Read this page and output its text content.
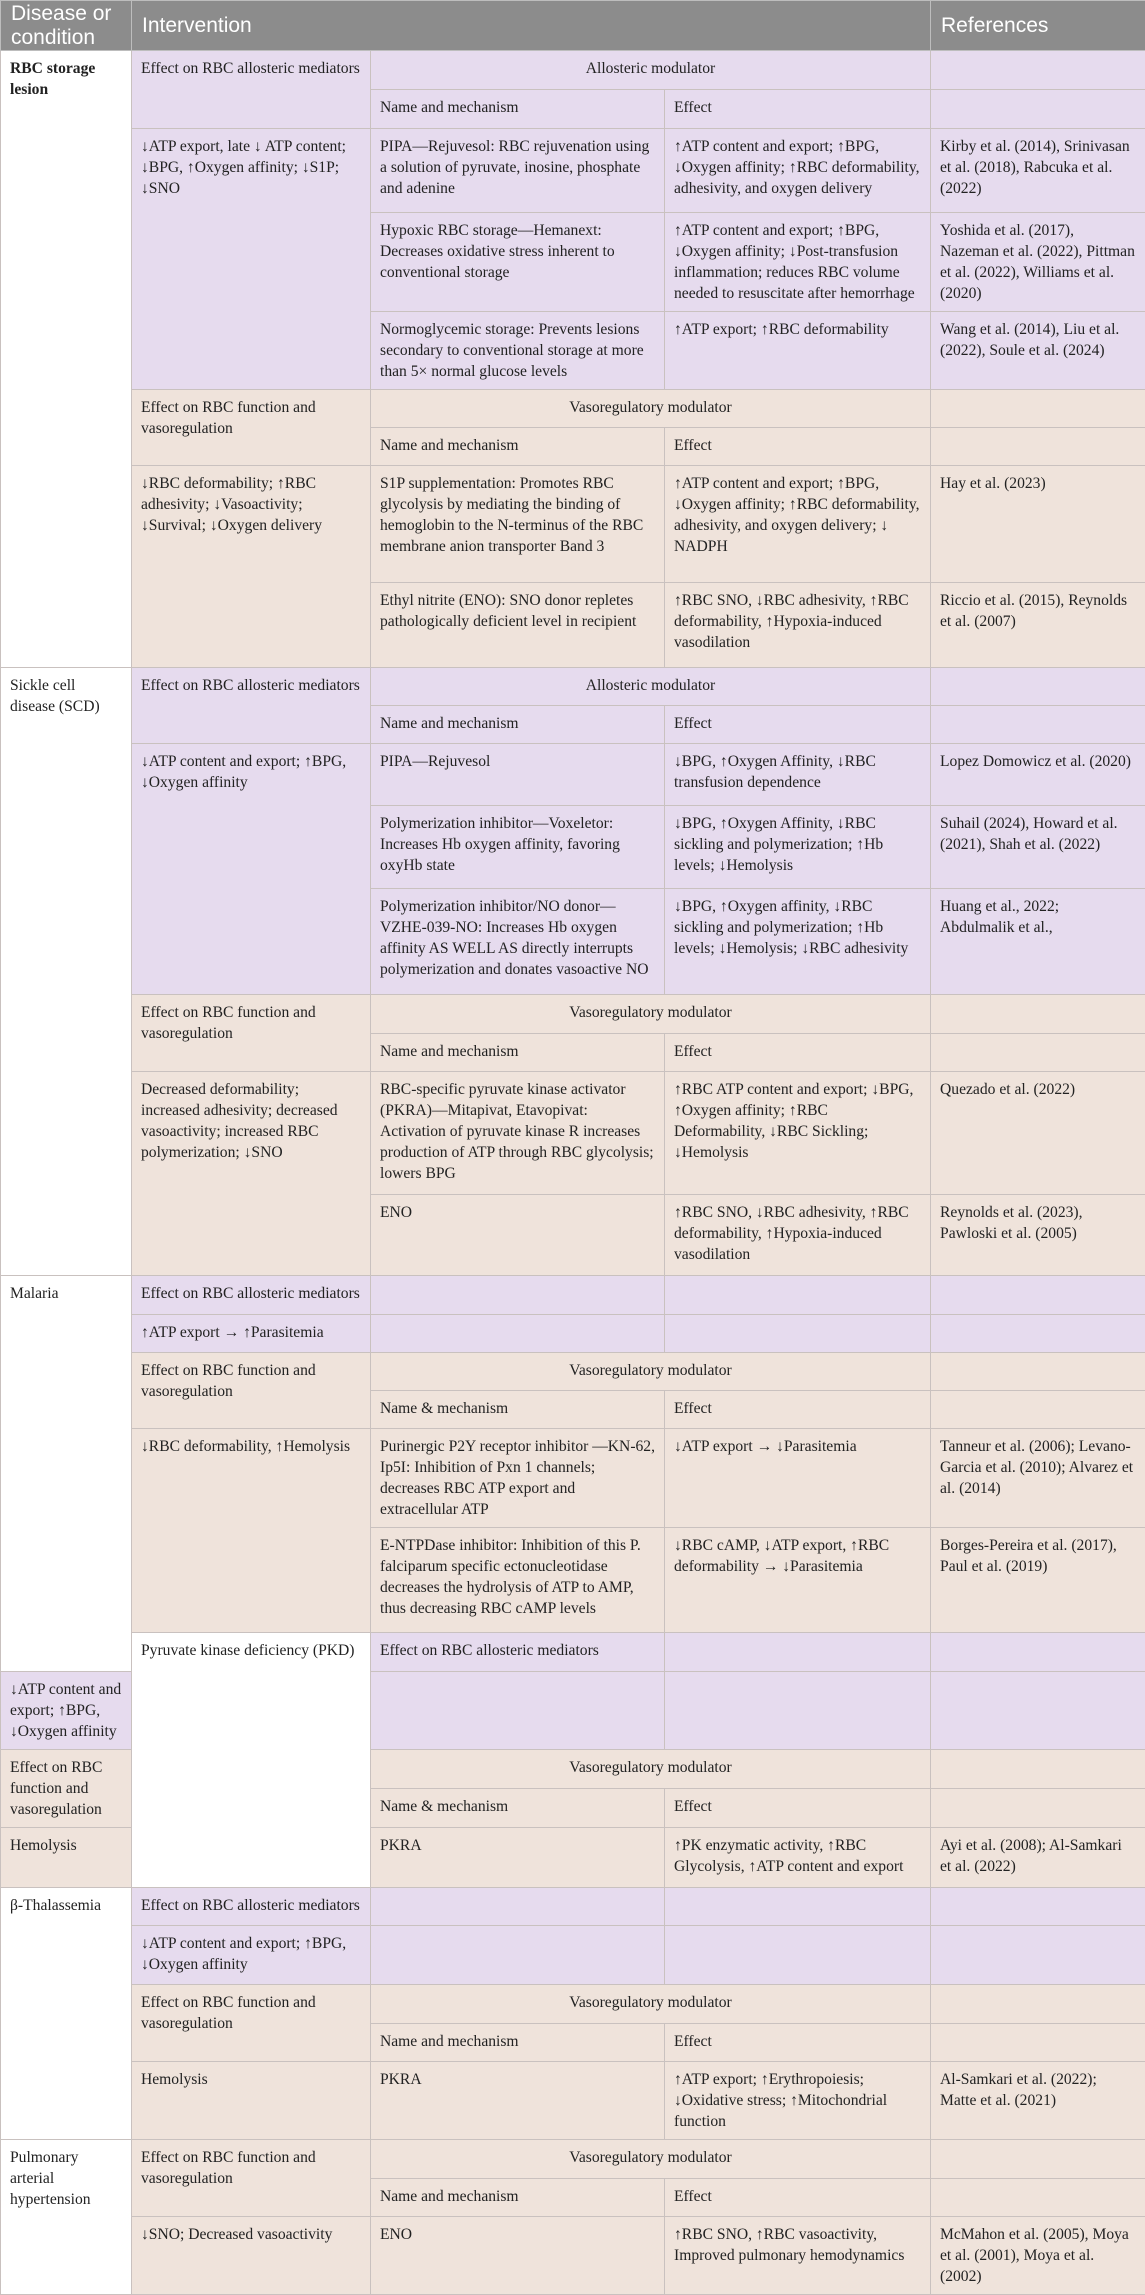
Disease or condition	Intervention			References	
RBC storage lesion	Effect on RBC allosteric mediators	Allosteric modulator			
		Name and mechanism	Effect		
	↓ATP export, late ↓ ATP content; ↓BPG, ↑Oxygen affinity; ↓S1P; ↓SNO	PIPA—Rejuvesol: RBC rejuvenation using a solution of pyruvate, inosine, phosphate and adenine	↑ATP content and export; ↑BPG, ↓Oxygen affinity; ↑RBC deformability, adhesivity, and oxygen delivery	Kirby et al. (2014), Srinivasan et al. (2018), Rabcuka et al. (2022)	
		Hypoxic RBC storage—Hemanext: Decreases oxidative stress inherent to conventional storage	↑ATP content and export; ↑BPG, ↓Oxygen affinity; ↓Post-transfusion inflammation; reduces RBC volume needed to resuscitate after hemorrhage	Yoshida et al. (2017), Nazeman et al. (2022), Pittman et al. (2022), Williams et al. (2020)	
		Normoglycemic storage: Prevents lesions secondary to conventional storage at more than 5× normal glucose levels	↑ATP export; ↑RBC deformability	Wang et al. (2014), Liu et al. (2022), Soule et al. (2024)	
	Effect on RBC function and vasoregulation	Vasoregulatory modulator			
		Name and mechanism	Effect		
	↓RBC deformability; ↑RBC adhesivity; ↓Vasoactivity; ↓Survival; ↓Oxygen delivery	S1P supplementation: Promotes RBC glycolysis by mediating the binding of hemoglobin to the N-terminus of the RBC membrane anion transporter Band 3	↑ATP content and export; ↑BPG, ↓Oxygen affinity; ↑RBC deformability, adhesivity, and oxygen delivery; ↓ NADPH	Hay et al. (2023)	
		Ethyl nitrite (ENO): SNO donor repletes pathologically deficient level in recipient	↑RBC SNO, ↓RBC adhesivity, ↑RBC deformability, ↑Hypoxia-induced vasodilation	Riccio et al. (2015), Reynolds et al. (2007)	
Sickle cell disease (SCD)	Effect on RBC allosteric mediators	Allosteric modulator			
		Name and mechanism	Effect		
	↓ATP content and export; ↑BPG, ↓Oxygen affinity	PIPA—Rejuvesol	↓BPG, ↑Oxygen Affinity, ↓RBC transfusion dependence	Lopez Domowicz et al. (2020)	
		Polymerization inhibitor—Voxeletor: Increases Hb oxygen affinity, favoring oxyHb state	↓BPG, ↑Oxygen Affinity, ↓RBC sickling and polymerization; ↑Hb levels; ↓Hemolysis	Suhail (2024), Howard et al. (2021), Shah et al. (2022)	
		Polymerization inhibitor/NO donor—VZHE-039-NO: Increases Hb oxygen affinity AS WELL AS directly interrupts polymerization and donates vasoactive NO	↓BPG, ↑Oxygen affinity, ↓RBC sickling and polymerization; ↑Hb levels; ↓Hemolysis; ↓RBC adhesivity	Huang et al., 2022; Abdulmalik et al.,	
	Effect on RBC function and vasoregulation	Vasoregulatory modulator			
		Name and mechanism	Effect		
	Decreased deformability; increased adhesivity; decreased vasoactivity; increased RBC polymerization; ↓SNO	RBC-specific pyruvate kinase activator (PKRA)—Mitapivat, Etavopivat: Activation of pyruvate kinase R increases production of ATP through RBC glycolysis; lowers BPG	↑RBC ATP content and export; ↓BPG, ↑Oxygen affinity; ↑RBC Deformability, ↓RBC Sickling; ↓Hemolysis	Quezado et al. (2022)	
		ENO	↑RBC SNO, ↓RBC adhesivity, ↑RBC deformability, ↑Hypoxia-induced vasodilation	Reynolds et al. (2023), Pawloski et al. (2005)	
Malaria	Effect on RBC allosteric mediators				
	↑ATP export → ↑Parasitemia				
	Effect on RBC function and vasoregulation	Vasoregulatory modulator			
		Name & mechanism	Effect		
	↓RBC deformability, ↑Hemolysis	Purinergic P2Y receptor inhibitor —KN-62, Ip5I: Inhibition of Pxn 1 channels; decreases RBC ATP export and extracellular ATP	↓ATP export → ↓Parasitemia	Tanneur et al. (2006); Levano-Garcia et al. (2010); Alvarez et al. (2014)	
		E-NTPDase inhibitor: Inhibition of this P. falciparum specific ectonucleotidase decreases the hydrolysis of ATP to AMP, thus decreasing RBC cAMP levels	↓RBC cAMP, ↓ATP export, ↑RBC deformability → ↓Parasitemia	Borges-Pereira et al. (2017), Paul et al. (2019)	
	Pyruvate kinase deficiency (PKD)	Effect on RBC allosteric mediators			
↓ATP content and export; ↑BPG, ↓Oxygen affinity					
Effect on RBC function and vasoregulation		Vasoregulatory modulator			
		Name & mechanism	Effect		
Hemolysis		PKRA	↑PK enzymatic activity, ↑RBC Glycolysis, ↑ATP content and export	Ayi et al. (2008); Al-Samkari et al. (2022)	
β-Thalassemia	Effect on RBC allosteric mediators				
	↓ATP content and export; ↑BPG, ↓Oxygen affinity				
	Effect on RBC function and vasoregulation	Vasoregulatory modulator			
		Name and mechanism	Effect		
	Hemolysis	PKRA	↑ATP export; ↑Erythropoiesis; ↓Oxidative stress; ↑Mitochondrial function	Al-Samkari et al. (2022); Matte et al. (2021)	
Pulmonary arterial hypertension	Effect on RBC function and vasoregulation	Vasoregulatory modulator			
		Name and mechanism	Effect		
	↓SNO; Decreased vasoactivity	ENO	↑RBC SNO, ↑RBC vasoactivity, Improved pulmonary hemodynamics	McMahon et al. (2005), Moya et al. (2001), Moya et al. (2002)	
